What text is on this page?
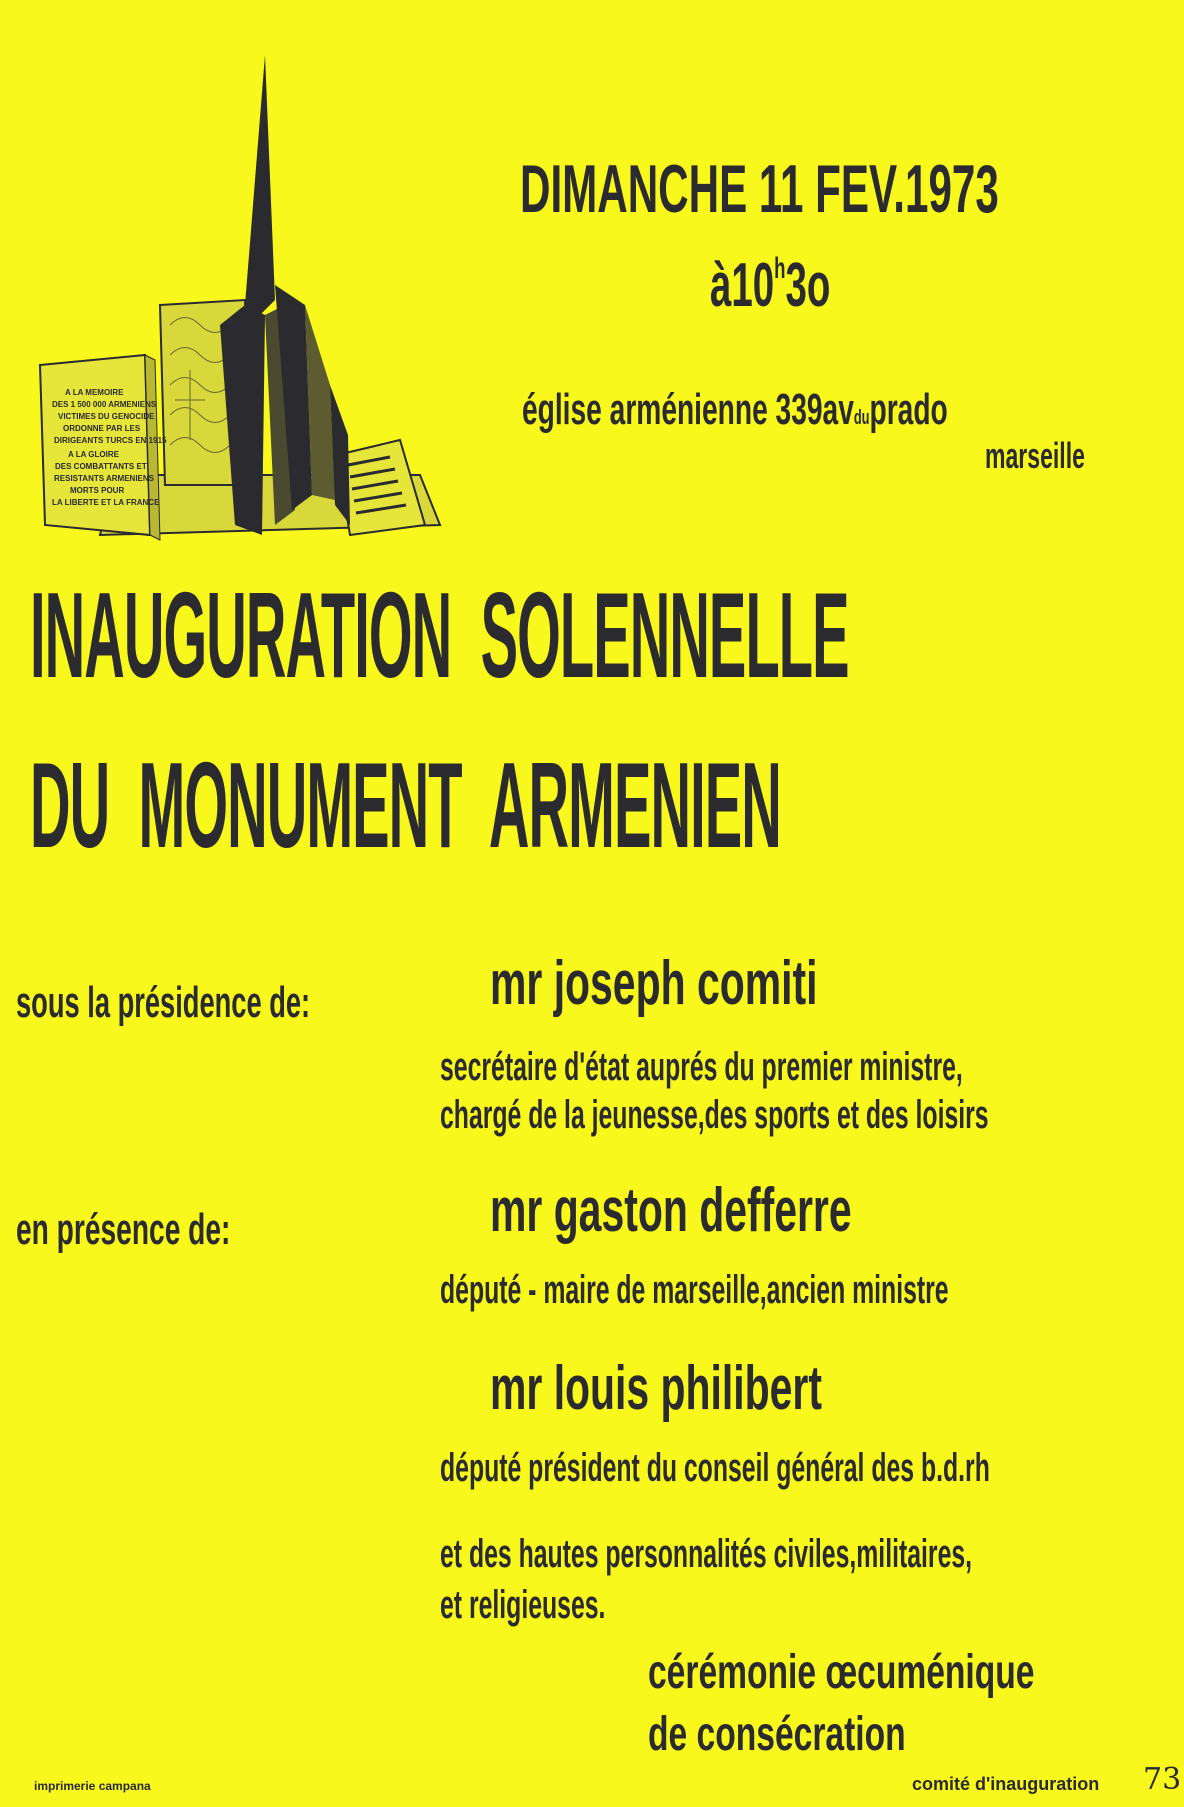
A LA MEMOIRE
DES 1 500 000 ARMENIENS
VICTIMES DU GENOCIDE
ORDONNE PAR LES
DIRIGEANTS TURCS EN 1915
A LA GLOIRE
DES COMBATTANTS ET
RESISTANTS ARMENIENS
MORTS POUR
LA LIBERTE ET LA FRANCE
DIMANCHE 11 FEV.1973
à10$^h$3o
église arménienne 339avduprado
marseille
INAUGURATION  SOLENNELLE
DU  MONUMENT  ARMENIEN
sous la présidence de:	mr joseph comiti
secrétaire d'état auprés du premier ministre,
chargé de la jeunesse,des sports et des loisirs
en présence de:	mr gaston defferre
député - maire de marseille,ancien ministre
mr louis philibert
député président du conseil général des b.d.rh
et des hautes personnalités civiles,militaires,
et religieuses.
cérémonie œcuménique
de consécration
comité d'inauguration
imprimerie campana	73
